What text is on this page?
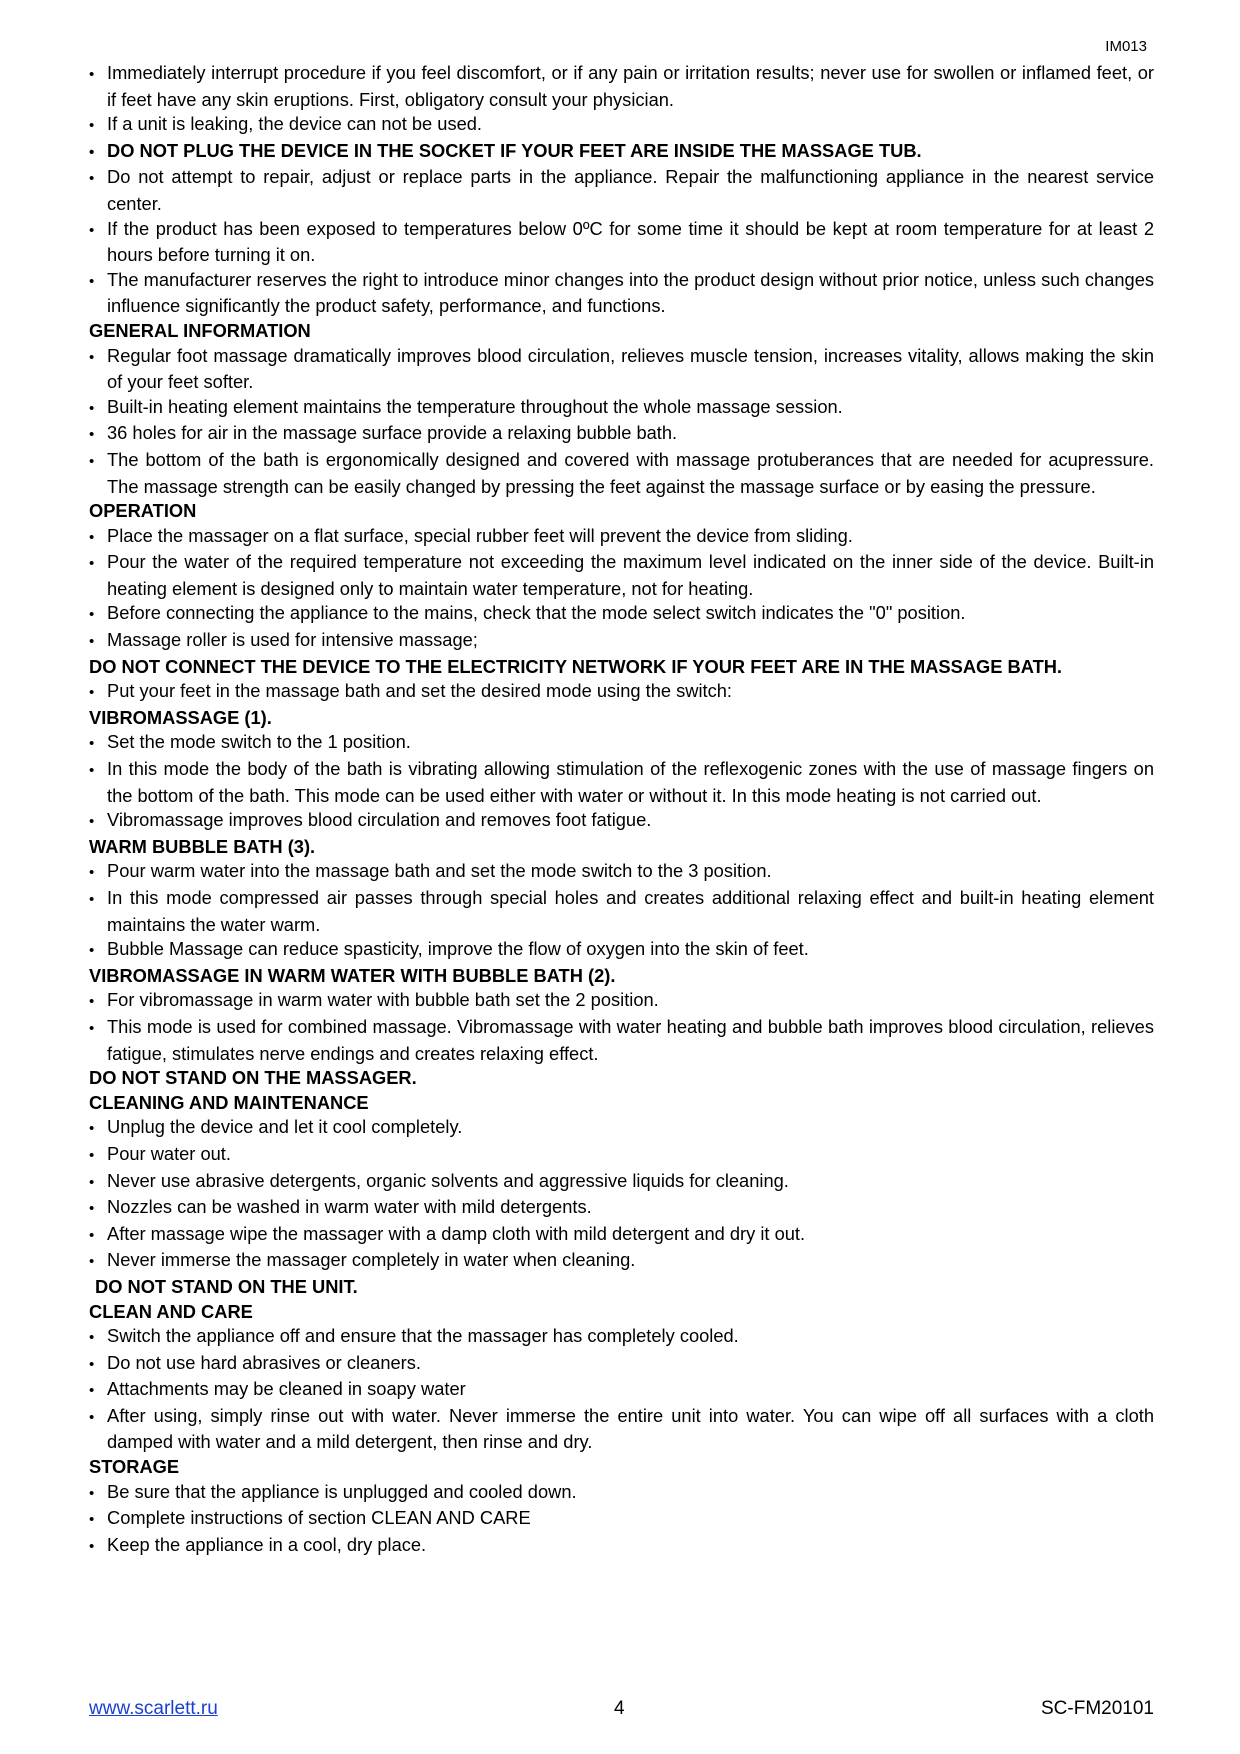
IM013

• Immediately interrupt procedure if you feel discomfort, or if any pain or irritation results; never use for swollen or inflamed feet, or if feet have any skin eruptions. First, obligatory consult your physician.

• If a unit is leaking, the device can not be used.

• DO NOT PLUG THE DEVICE IN THE SOCKET IF YOUR FEET ARE INSIDE THE MASSAGE TUB.

• Do not attempt to repair, adjust or replace parts in the appliance. Repair the malfunctioning appliance in the nearest service center.

• If the product has been exposed to temperatures below 0ºC for some time it should be kept at room temperature for at least 2 hours before turning it on.

• The manufacturer reserves the right to introduce minor changes into the product design without prior notice, unless such changes influence significantly the product safety, performance, and functions.

GENERAL INFORMATION

• Regular foot massage dramatically improves blood circulation, relieves muscle tension, increases vitality, allows making the skin of your feet softer.

• Built-in heating element maintains the temperature throughout the whole massage session.

• 36 holes for air in the massage surface provide a relaxing bubble bath.

• The bottom of the bath is ergonomically designed and covered with massage protuberances that are needed for acupressure. The massage strength can be easily changed by pressing the feet against the massage surface or by easing the pressure.

OPERATION

• Place the massager on a flat surface, special rubber feet will prevent the device from sliding.

• Pour the water of the required temperature not exceeding the maximum level indicated on the inner side of the device. Built-in heating element is designed only to maintain water temperature, not for heating.

• Before connecting the appliance to the mains, check that the mode select switch indicates the "0" position.

• Massage roller is used for intensive massage;

DO NOT CONNECT THE DEVICE TO THE ELECTRICITY NETWORK IF YOUR FEET ARE IN THE MASSAGE BATH.

• Put your feet in the massage bath and set the desired mode using the switch:

VIBROMASSAGE (1).

• Set the mode switch to the 1 position.

• In this mode the body of the bath is vibrating allowing stimulation of the reflexogenic zones with the use of massage fingers on the bottom of the bath. This mode can be used either with water or without it. In this mode heating is not carried out.

• Vibromassage improves blood circulation and removes foot fatigue.

WARM BUBBLE BATH (3).

• Pour warm water into the massage bath and set the mode switch to the 3 position.

• In this mode compressed air passes through special holes and creates additional relaxing effect and built-in heating element maintains the water warm.

• Bubble Massage can reduce spasticity, improve the flow of oxygen into the skin of feet.

VIBROMASSAGE IN WARM WATER WITH BUBBLE BATH (2).

• For vibromassage in warm water with bubble bath set the 2 position.

• This mode is used for combined massage. Vibromassage with water heating and bubble bath improves blood circulation, relieves fatigue, stimulates nerve endings and creates relaxing effect.

DO NOT STAND ON THE MASSAGER.

CLEANING AND MAINTENANCE

• Unplug the device and let it cool completely.

• Pour water out.

• Never use abrasive detergents, organic solvents and aggressive liquids for cleaning.

• Nozzles can be washed in warm water with mild detergents.

• After massage wipe the massager with a damp cloth with mild detergent and dry it out.

• Never immerse the massager completely in water when cleaning.

DO NOT STAND ON THE UNIT.

CLEAN AND CARE

• Switch the appliance off and ensure that the massager has completely cooled.

• Do not use hard abrasives or cleaners.

• Attachments may be cleaned in soapy water

• After using, simply rinse out with water. Never immerse the entire unit into water. You can wipe off all surfaces with a cloth damped with water and a mild detergent, then rinse and dry.

STORAGE

• Be sure that the appliance is unplugged and cooled down.

• Complete instructions of section CLEAN AND CARE

• Keep the appliance in a cool, dry place.

www.scarlett.ru	4	SC-FM20101
